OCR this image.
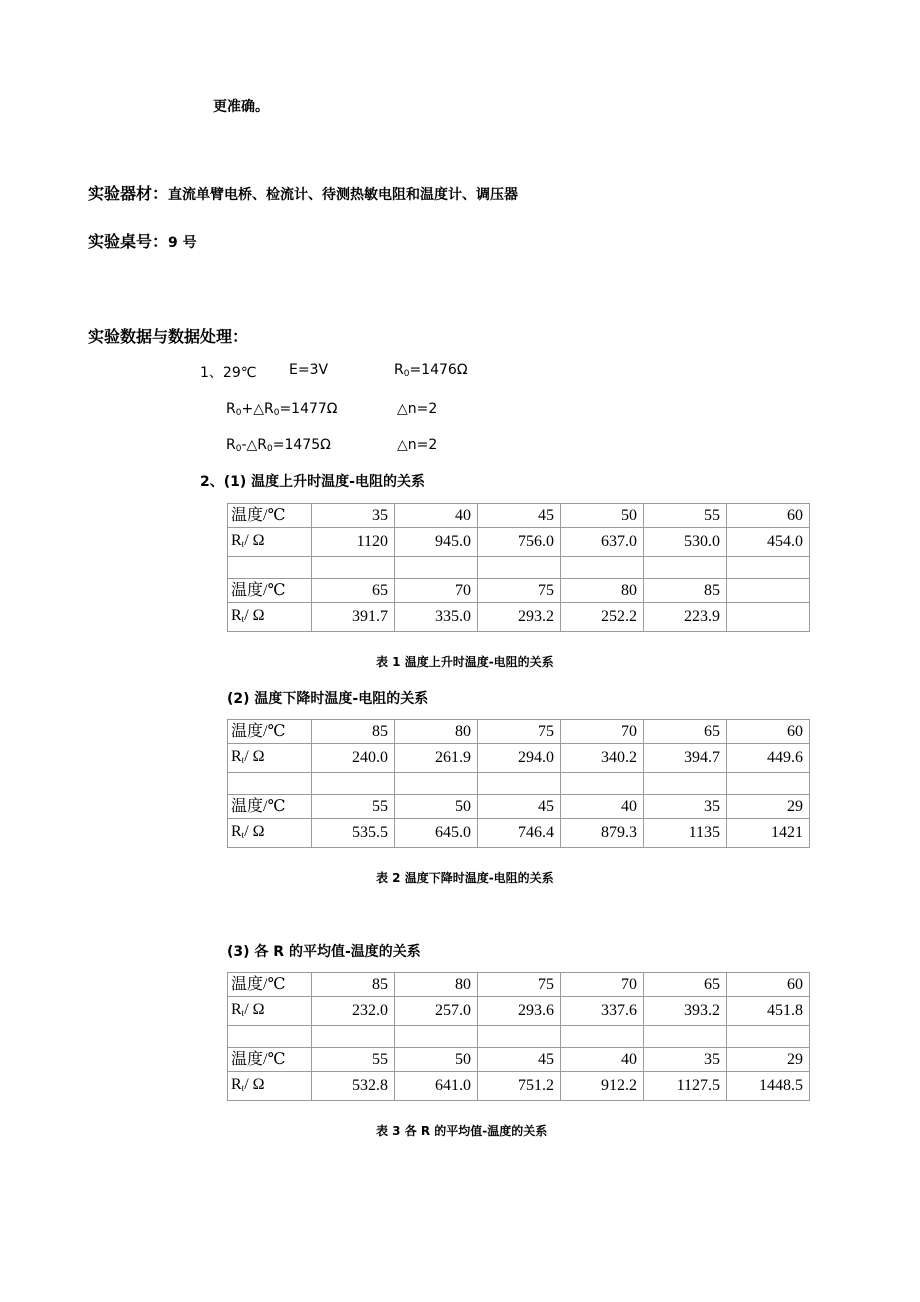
更准确。
实验器材：直流单臂电桥、检流计、待测热敏电阻和温度计、调压器
实验桌号：9 号
实验数据与数据处理：
1、29℃ E=3V	$R_0=1476\Omega$
$R_0+\triangle R_0=1477\Omega$	△n=2
$R_0-\triangle R_0=1475\Omega$	△n=2
2、(1) 温度上升时温度-电阻的关系
温度/℃	35	40	45	50	55	60
$R_t/$ Ω	1120	945.0	756.0	637.0	530.0	454.0

温度/℃	65	70	75	80	85	
$R_t/$ Ω	391.7	335.0	293.2	252.2	223.9	
表 1 温度上升时温度-电阻的关系
(2) 温度下降时温度-电阻的关系
温度/℃	85	80	75	70	65	60
$R_t/$ Ω	240.0	261.9	294.0	340.2	394.7	449.6

温度/℃	55	50	45	40	35	29
$R_t/$ Ω	535.5	645.0	746.4	879.3	1135	1421
表 2 温度下降时温度-电阻的关系
(3) 各 R 的平均值-温度的关系
温度/℃	85	80	75	70	65	60
$R_t/$ Ω	232.0	257.0	293.6	337.6	393.2	451.8

温度/℃	55	50	45	40	35	29
$R_t/$ Ω	532.8	641.0	751.2	912.2	1127.5	1448.5
表 3 各 R 的平均值-温度的关系
